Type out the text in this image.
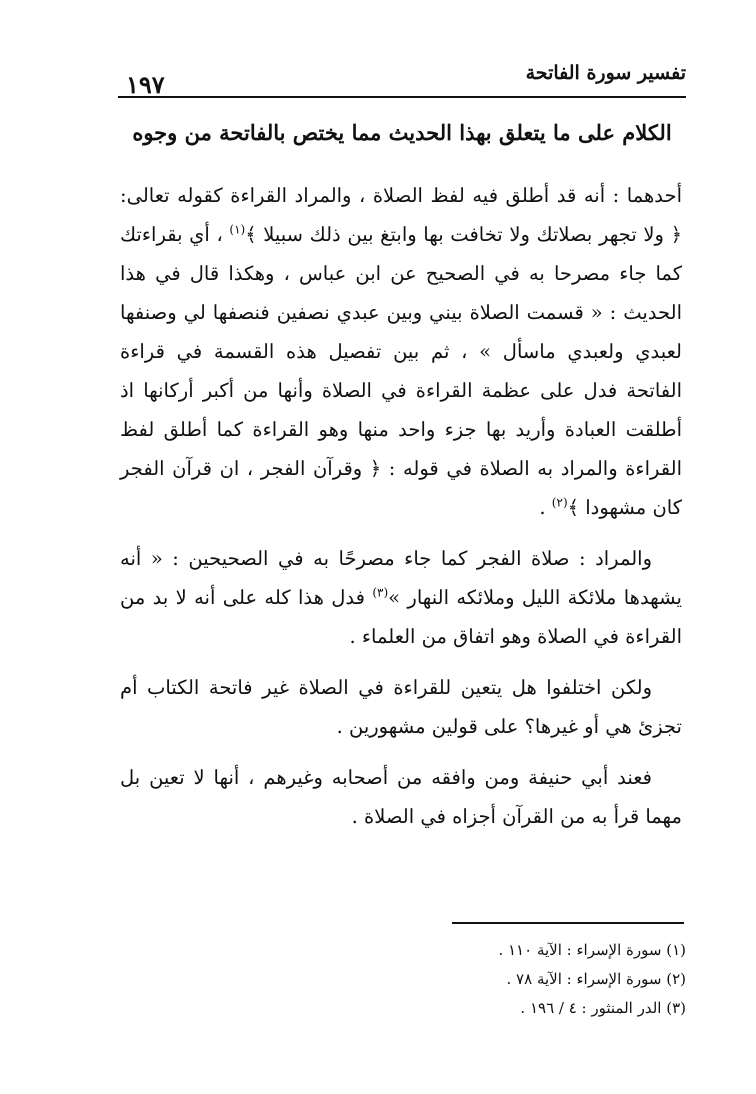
تفسير سورة الفاتحة
١٩٧
الكلام على ما يتعلق بهذا الحديث مما يختص بالفاتحة من وجوه

أحدهما : أنه قد أطلق فيه لفظ الصلاة ، والمراد القراءة كقوله تعالى: ﴿ ولا تجهر بصلاتك ولا تخافت بها وابتغ بين ذلك سبيلا ﴾$^{(١)}$ ، أي بقراءتك كما جاء مصرحا به في الصحيح عن ابن عباس ، وهكذا قال في هذا الحديث : « قسمت الصلاة بيني وبين عبدي نصفين فنصفها لي وصنفها لعبدي ولعبدي ماسأل » ، ثم بين تفصيل هذه القسمة في قراءة الفاتحة فدل على عظمة القراءة في الصلاة وأنها من أكبر أركانها اذ أطلقت العبادة وأريد بها جزء واحد منها وهو القراءة كما أطلق لفظ القراءة والمراد به الصلاة في قوله : ﴿ وقرآن الفجر ، ان قرآن الفجر كان مشهودا ﴾$^{(٢)}$ .

والمراد : صلاة الفجر كما جاء مصرحًا به في الصحيحين : « أنه يشهدها ملائكة الليل وملائكه النهار »$^{(٣)}$ فدل هذا كله على أنه لا بد من القراءة في الصلاة وهو اتفاق من العلماء .

ولكن اختلفوا هل يتعين للقراءة في الصلاة غير فاتحة الكتاب أم تجزئ هي أو غيرها؟ على قولين مشهورين .

فعند أبي حنيفة ومن وافقه من أصحابه وغيرهم ، أنها لا تعين بل مهما قرأ به من القرآن أجزاه في الصلاة .

(١) سورة الإسراء : الآية ١١٠ .
(٢) سورة الإسراء : الآية ٧٨ .
(٣) الدر المنثور : ٤ / ١٩٦ .
